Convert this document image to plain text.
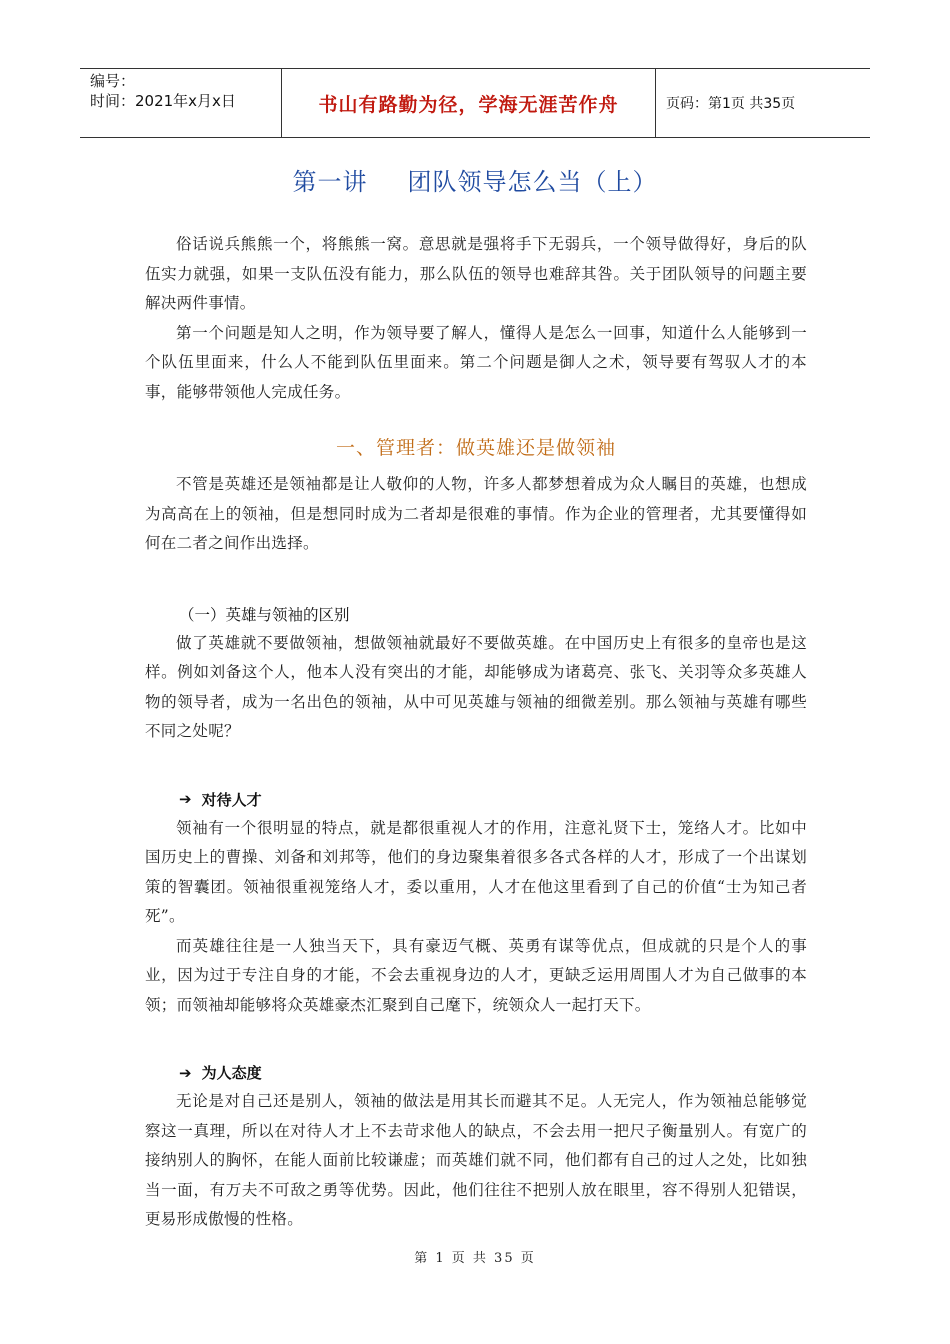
编号：
时间：2021年x月x日	书山有路勤为径，学海无涯苦作舟	页码：第1页 共35页
第一讲 团队领导怎么当（上）

俗话说兵熊熊一个，将熊熊一窝。意思就是强将手下无弱兵，一个领导做得好，身后的队伍实力就强，如果一支队伍没有能力，那么队伍的领导也难辞其咎。关于团队领导的问题主要解决两件事情。

第一个问题是知人之明，作为领导要了解人，懂得人是怎么一回事，知道什么人能够到一个队伍里面来，什么人不能到队伍里面来。第二个问题是御人之术，领导要有驾驭人才的本事，能够带领他人完成任务。

一、管理者：做英雄还是做领袖

不管是英雄还是领袖都是让人敬仰的人物，许多人都梦想着成为众人瞩目的英雄，也想成为高高在上的领袖，但是想同时成为二者却是很难的事情。作为企业的管理者，尤其要懂得如何在二者之间作出选择。

（一）英雄与领袖的区别

做了英雄就不要做领袖，想做领袖就最好不要做英雄。在中国历史上有很多的皇帝也是这样。例如刘备这个人，他本人没有突出的才能，却能够成为诸葛亮、张飞、关羽等众多英雄人物的领导者，成为一名出色的领袖，从中可见英雄与领袖的细微差别。那么领袖与英雄有哪些不同之处呢？

➔ 对待人才

领袖有一个很明显的特点，就是都很重视人才的作用，注意礼贤下士，笼络人才。比如中国历史上的曹操、刘备和刘邦等，他们的身边聚集着很多各式各样的人才，形成了一个出谋划策的智囊团。领袖很重视笼络人才，委以重用，人才在他这里看到了自己的价值“士为知己者死”。

而英雄往往是一人独当天下，具有豪迈气概、英勇有谋等优点，但成就的只是个人的事业，因为过于专注自身的才能，不会去重视身边的人才，更缺乏运用周围人才为自己做事的本领；而领袖却能够将众英雄豪杰汇聚到自己麾下，统领众人一起打天下。

➔ 为人态度

无论是对自己还是别人，领袖的做法是用其长而避其不足。人无完人，作为领袖总能够觉察这一真理，所以在对待人才上不去苛求他人的缺点，不会去用一把尺子衡量别人。有宽广的接纳别人的胸怀，在能人面前比较谦虚；而英雄们就不同，他们都有自己的过人之处，比如独当一面，有万夫不可敌之勇等优势。因此，他们往往不把别人放在眼里，容不得别人犯错误，更易形成傲慢的性格。

第 1 页 共 35 页
